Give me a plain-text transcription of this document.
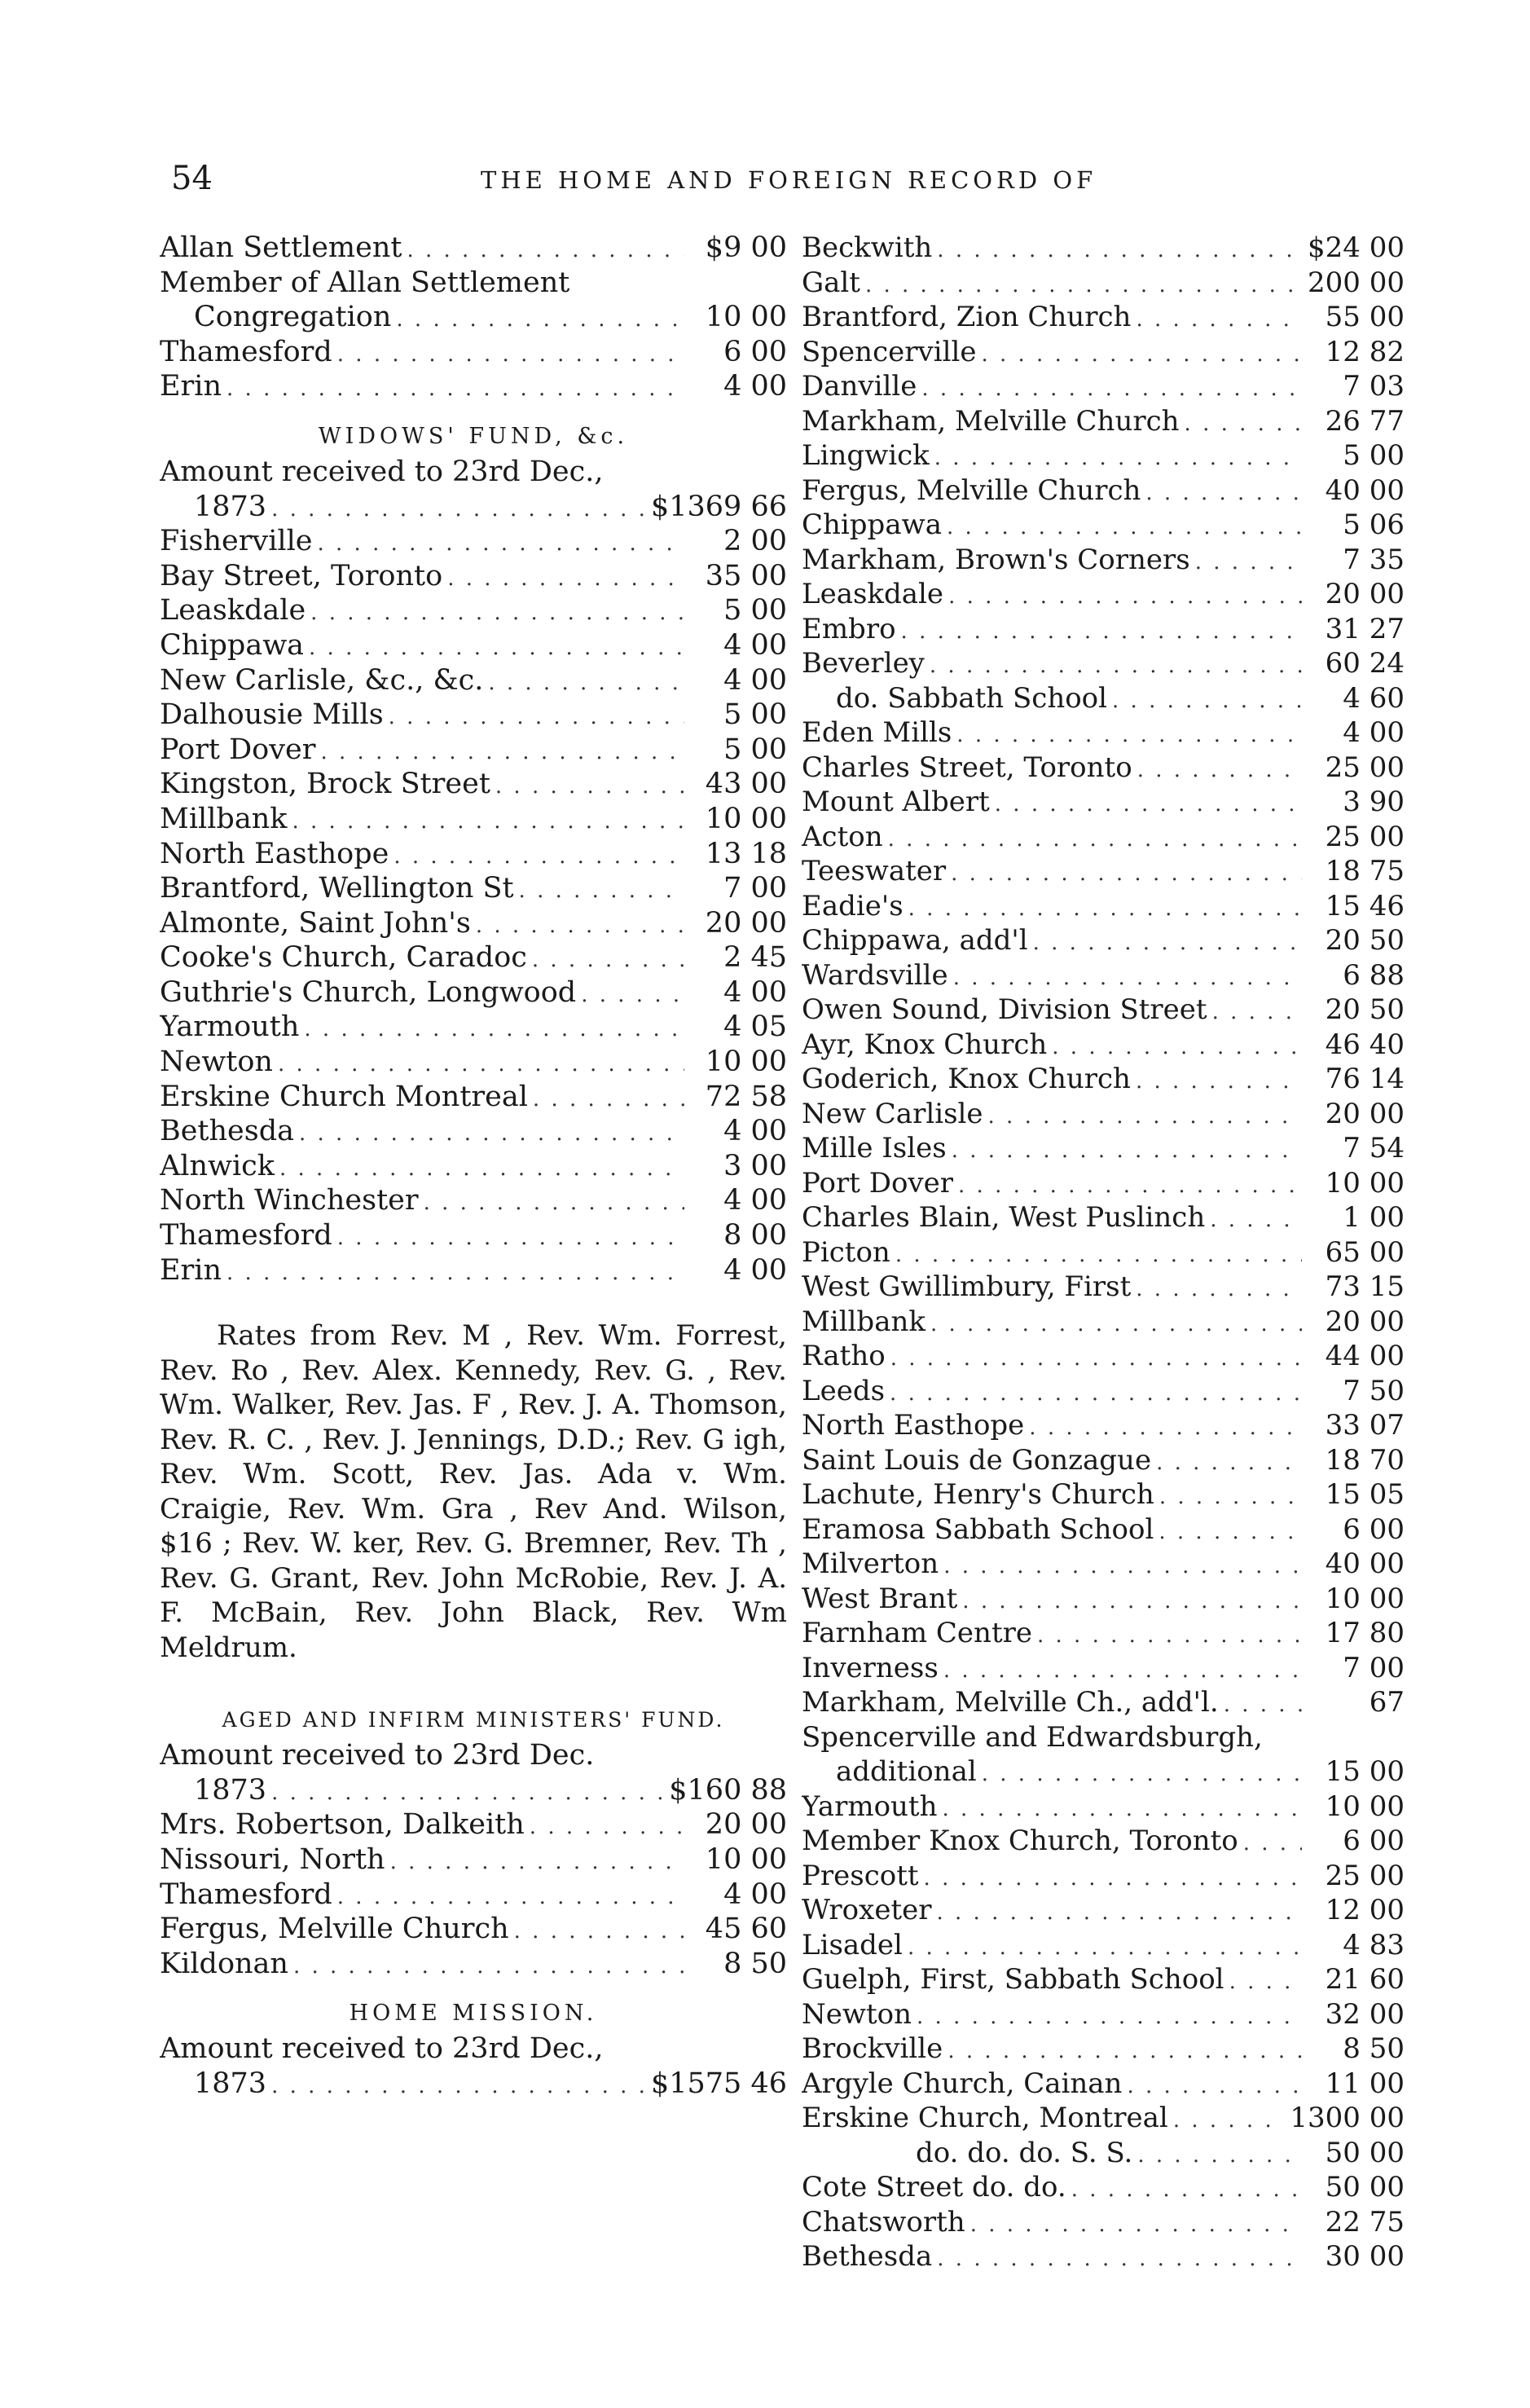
54	THE HOME AND FOREIGN RECORD OF
Allan Settlement . . .	$9 00
Member of Allan Settlement
Congregation . . .	10 00
Thamesford . . .	6 00
Erin . . .	4 00
WIDOWS' FUND, &c.
Amount received to 23rd Dec.,
1873 . . .	$1369 66
Fisherville . . .	2 00
Bay Street, Toronto . . .	35 00
Leaskdale . . .	5 00
Chippawa . . .	4 00
New Carlisle, &c., &c. . . .	4 00
Dalhousie Mills . . .	5 00
Port Dover . . .	5 00
Kingston, Brock Street . . .	43 00
Millbank . . .	10 00
North Easthope . . .	13 18
Brantford, Wellington St . . .	7 00
Almonte, Saint John's . . .	20 00
Cooke's Church, Caradoc . . .	2 45
Guthrie's Church, Longwood . . .	4 00
Yarmouth . . .	4 05
Newton . . .	10 00
Erskine Church Montreal . . .	72 58
Bethesda . . .	4 00
Alnwick . . .	3 00
North Winchester . . .	4 00
Thamesford . . .	8 00
Erin . . .	4 00
Rates from Rev. M , Rev. Wm. Forrest, Rev. Ro , Rev. Alex. Kennedy, Rev. G. , Rev. Wm. Walker, Rev. Jas. F , Rev. J. A. Thomson, Rev. R. C. , Rev. J. Jennings, D.D.; Rev. G igh, Rev. Wm. Scott, Rev. Jas. Ada v. Wm. Craigie, Rev. Wm. Gra , Rev And. Wilson, $16 ; Rev. W. ker, Rev. G. Bremner, Rev. Th , Rev. G. Grant, Rev. John McRobie, Rev. J. A. F. McBain, Rev. John Black, Rev. Wm Meldrum.
AGED AND INFIRM MINISTERS' FUND.
Amount received to 23rd Dec.
1873 . . .	$160 88
Mrs. Robertson, Dalkeith . . .	20 00
Nissouri, North . . .	10 00
Thamesford . . .	4 00
Fergus, Melville Church . . .	45 60
Kildonan . . .	8 50
HOME MISSION.
Amount received to 23rd Dec.,
1873 . . .	$1575 46
Beckwith . . .	$24 00
Galt . . .	200 00
Brantford, Zion Church . . .	55 00
Spencerville . . .	12 82
Danville . . .	7 03
Markham, Melville Church . . .	26 77
Lingwick . . .	5 00
Fergus, Melville Church . . .	40 00
Chippawa . . .	5 06
Markham, Brown's Corners . . .	7 35
Leaskdale . . .	20 00
Embro . . .	31 27
Beverley . . .	60 24
do. Sabbath School . . .	4 60
Eden Mills . . .	4 00
Charles Street, Toronto . . .	25 00
Mount Albert . . .	3 90
Acton . . .	25 00
Teeswater . . .	18 75
Eadie's . . .	15 46
Chippawa, add'l . . .	20 50
Wardsville . . .	6 88
Owen Sound, Division Street . . .	20 50
Ayr, Knox Church . . .	46 40
Goderich, Knox Church . . .	76 14
New Carlisle . . .	20 00
Mille Isles . . .	7 54
Port Dover . . .	10 00
Charles Blain, West Puslinch . . .	1 00
Picton . . .	65 00
West Gwillimbury, First . . .	73 15
Millbank . . .	20 00
Ratho . . .	44 00
Leeds . . .	7 50
North Easthope . . .	33 07
Saint Louis de Gonzague . . .	18 70
Lachute, Henry's Church . . .	15 05
Eramosa Sabbath School . . .	6 00
Milverton . . .	40 00
West Brant . . .	10 00
Farnham Centre . . .	17 80
Inverness . . .	7 00
Markham, Melville Ch., add'l. . . .	67
Spencerville and Edwardsburgh,
additional . . .	15 00
Yarmouth . . .	10 00
Member Knox Church, Toronto . . .	6 00
Prescott . . .	25 00
Wroxeter . . .	12 00
Lisadel . . .	4 83
Guelph, First, Sabbath School . . .	21 60
Newton . . .	32 00
Brockville . . .	8 50
Argyle Church, Cainan . . .	11 00
Erskine Church, Montreal . . .	1300 00
do. do. do. S. S. . . .	50 00
Cote Street do. do. . . .	50 00
Chatsworth . . .	22 75
Bethesda . . .	30 00
